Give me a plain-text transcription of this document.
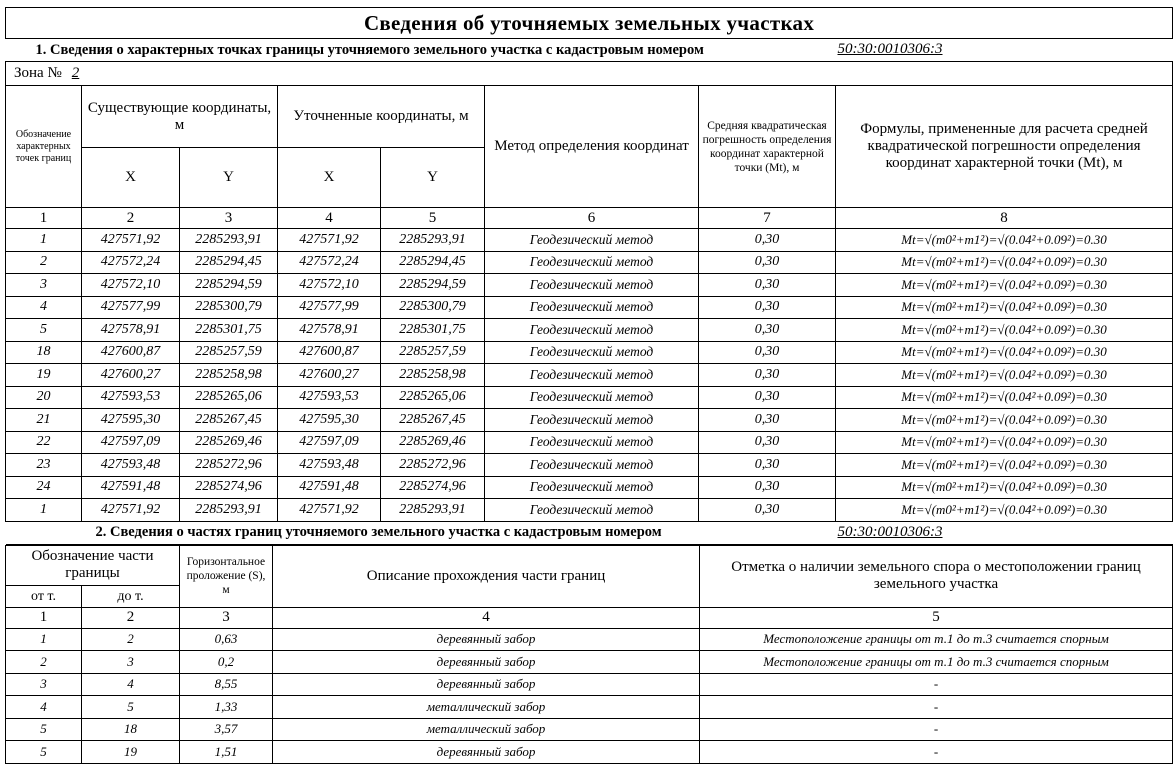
Сведения об уточняемых земельных участках							
1. Сведения о характерных точках границы уточняемого земельного участка с кадастровым номером 50:30:0010306:3							

Зона № 2							
Обозначение характерных точек границ	Существующие координаты, м		Уточненные координаты, м		Метод определения координат	Средняя квадратическая погрешность определения координат характерной точки (Mt), м	Формулы, примененные для расчета средней квадратической погрешности определения координат характерной точки (Mt), м
	X	Y	X	Y			
1	2	3	4	5	6	7	8
1	427571,92	2285293,91	427571,92	2285293,91	Геодезический метод	0,30	Mt=√(m0²+m1²)=√(0.04²+0.09²)=0.30
2	427572,24	2285294,45	427572,24	2285294,45	Геодезический метод	0,30	Mt=√(m0²+m1²)=√(0.04²+0.09²)=0.30
3	427572,10	2285294,59	427572,10	2285294,59	Геодезический метод	0,30	Mt=√(m0²+m1²)=√(0.04²+0.09²)=0.30
4	427577,99	2285300,79	427577,99	2285300,79	Геодезический метод	0,30	Mt=√(m0²+m1²)=√(0.04²+0.09²)=0.30
5	427578,91	2285301,75	427578,91	2285301,75	Геодезический метод	0,30	Mt=√(m0²+m1²)=√(0.04²+0.09²)=0.30
18	427600,87	2285257,59	427600,87	2285257,59	Геодезический метод	0,30	Mt=√(m0²+m1²)=√(0.04²+0.09²)=0.30
19	427600,27	2285258,98	427600,27	2285258,98	Геодезический метод	0,30	Mt=√(m0²+m1²)=√(0.04²+0.09²)=0.30
20	427593,53	2285265,06	427593,53	2285265,06	Геодезический метод	0,30	Mt=√(m0²+m1²)=√(0.04²+0.09²)=0.30
21	427595,30	2285267,45	427595,30	2285267,45	Геодезический метод	0,30	Mt=√(m0²+m1²)=√(0.04²+0.09²)=0.30
22	427597,09	2285269,46	427597,09	2285269,46	Геодезический метод	0,30	Mt=√(m0²+m1²)=√(0.04²+0.09²)=0.30
23	427593,48	2285272,96	427593,48	2285272,96	Геодезический метод	0,30	Mt=√(m0²+m1²)=√(0.04²+0.09²)=0.30
24	427591,48	2285274,96	427591,48	2285274,96	Геодезический метод	0,30	Mt=√(m0²+m1²)=√(0.04²+0.09²)=0.30
1	427571,92	2285293,91	427571,92	2285293,91	Геодезический метод	0,30	Mt=√(m0²+m1²)=√(0.04²+0.09²)=0.30
2. Сведения о частях границ уточняемого земельного участка с кадастровым номером 50:30:0010306:3							
Обозначение части границы		Горизонтальное проложение (S), м	Описание прохождения части границ	Отметка о наличии земельного спора о местоположении границ земельного участка
от т.	до т.			
1	2	3	4	5
1	2	0,63	деревянный забор	Местоположение границы от т.1 до т.3 считается спорным
2	3	0,2	деревянный забор	Местоположение границы от т.1 до т.3 считается спорным
3	4	8,55	деревянный забор	-
4	5	1,33	металлический забор	-
5	18	3,57	металлический забор	-
5	19	1,51	деревянный забор	-
